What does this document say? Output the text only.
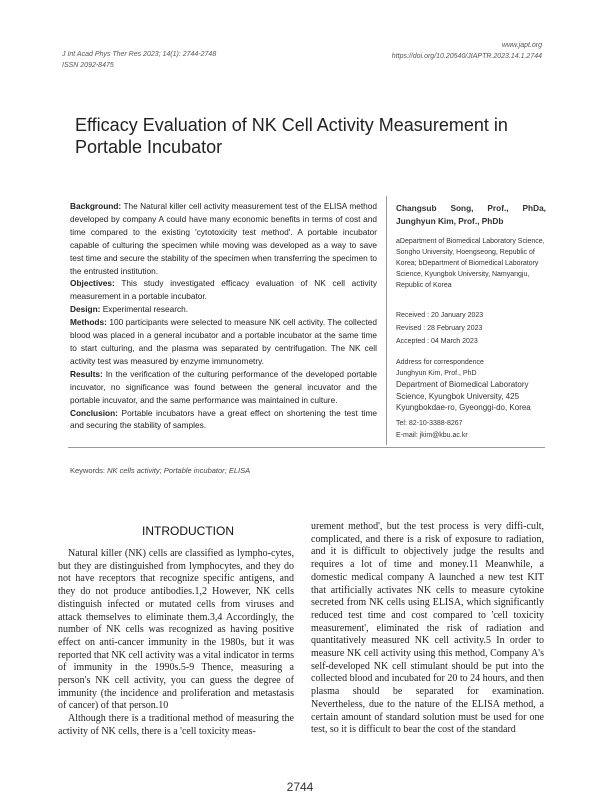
J Int Acad Phys Ther Res 2023; 14(1): 2744-2748
ISSN 2092-8475
www.japt.org
https://doi.org/10.20540/JIAPTR.2023.14.1.2744
Efficacy Evaluation of NK Cell Activity Measurement in Portable Incubator

Background: The Natural killer cell activity measurement test of the ELISA method developed by company A could have many economic benefits in terms of cost and time compared to the existing 'cytotoxicity test method'. A portable incubator capable of culturing the specimen while moving was developed as a way to save test time and secure the stability of the specimen when transferring the specimen to the entrusted institution.

Objectives: This study investigated efficacy evaluation of NK cell activity measurement in a portable incubator.

Design: Experimental research.

Methods: 100 participants were selected to measure NK cell activity. The collected blood was placed in a general incubator and a portable incubator at the same time to start culturing, and the plasma was separated by centrifugation. The NK cell activity test was measured by enzyme immunometry.

Results: In the verification of the culturing performance of the developed portable incuvator, no significance was found between the general incuvator and the portable incuvator, and the same performance was maintained in culture.

Conclusion: Portable incubators have a great effect on shortening the test time and securing the stability of samples.

Changsub Song, Prof., PhDa, Junghyun Kim, Prof., PhDb
aDepartment of Biomedical Laboratory Science, Songho University, Hoengseong, Republic of Korea; bDepartment of Biomedical Laboratory Science, Kyungbok University, Namyangju, Republic of Korea
Received : 20 January 2023
Revised : 28 February 2023
Accepted : 04 March 2023
Address for correspondence
Junghyun Kim, Prof., PhD
Department of Biomedical Laboratory Science, Kyungbok University, 425 Kyungbokdae-ro, Gyeonggi-do, Korea
Tel: 82-10-3388-8267
E-mail: jkim@kbu.ac.kr
Keywords: NK cells activity; Portable incubator; ELISA
INTRODUCTION

Natural killer (NK) cells are classified as lympho-cytes, but they are distinguished from lymphocytes, and they do not have receptors that recognize specific antigens, and they do not produce antibodies.1,2 However, NK cells distinguish infected or mutated cells from viruses and attack themselves to eliminate them.3,4 Accordingly, the number of NK cells was recognized as having positive effect on anti-cancer immunity in the 1980s, but it was reported that NK cell activity was a vital indicator in terms of immunity in the 1990s.5-9 Thence, measuring a person's NK cell activity, you can guess the degree of immunity (the incidence and proliferation and metastasis of cancer) of that person.10

Although there is a traditional method of measuring the activity of NK cells, there is a 'cell toxicity meas-

urement method', but the test process is very diffi-cult, complicated, and there is a risk of exposure to radiation, and it is difficult to objectively judge the results and requires a lot of time and money.11 Meanwhile, a domestic medical company A launched a new test KIT that artificially activates NK cells to measure cytokine secreted from NK cells using ELISA, which significantly reduced test time and cost compared to 'cell toxicity measurement', eliminated the risk of radiation and quantitatively measured NK cell activity.5 In order to measure NK cell activity using this method, Company A's self-developed NK cell stimulant should be put into the collected blood and incubated for 20 to 24 hours, and then plasma should be separated for examination. Nevertheless, due to the nature of the ELISA method, a certain amount of standard solution must be used for one test, so it is difficult to bear the cost of the standard

2744
